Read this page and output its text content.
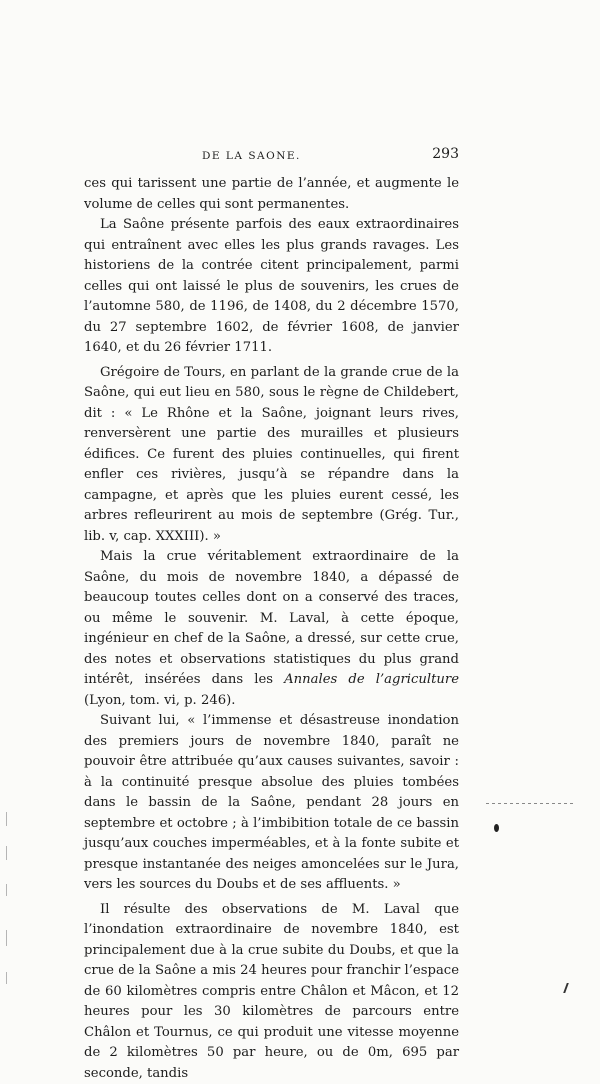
DE LA SAONE.	293

ces qui tarissent une partie de l’année, et augmente le volume de celles qui sont permanentes.

La Saône présente parfois des eaux extraordinaires qui entraînent avec elles les plus grands ravages. Les historiens de la contrée citent principalement, parmi celles qui ont laissé le plus de souvenirs, les crues de l’automne 580, de 1196, de 1408, du 2 décembre 1570, du 27 septembre 1602, de février 1608, de janvier 1640, et du 26 février 1711.

Grégoire de Tours, en parlant de la grande crue de la Saône, qui eut lieu en 580, sous le règne de Childebert, dit : « Le Rhône et la Saône, joignant leurs rives, renversèrent une partie des murailles et plusieurs édifices. Ce furent des pluies continuelles, qui firent enfler ces rivières, jusqu’à se répandre dans la campagne, et après que les pluies eurent cessé, les arbres refleurirent au mois de septembre (Grég. Tur., lib. v, cap. XXXIII). »

Mais la crue véritablement extraordinaire de la Saône, du mois de novembre 1840, a dépassé de beaucoup toutes celles dont on a conservé des traces, ou même le souvenir. M. Laval, à cette époque, ingénieur en chef de la Saône, a dressé, sur cette crue, des notes et observations statistiques du plus grand intérêt, insérées dans les Annales de l’agriculture (Lyon, tom. vi, p. 246).

Suivant lui, « l’immense et désastreuse inondation des premiers jours de novembre 1840, paraît ne pouvoir être attribuée qu’aux causes suivantes, savoir : à la continuité presque absolue des pluies tombées dans le bassin de la Saône, pendant 28 jours en septembre et octobre ; à l’imbibition totale de ce bassin jusqu’aux couches imperméables, et à la fonte subite et presque instantanée des neiges amoncelées sur le Jura, vers les sources du Doubs et de ses affluents. »

Il résulte des observations de M. Laval que l’inondation extraordinaire de novembre 1840, est principalement due à la crue subite du Doubs, et que la crue de la Saône a mis 24 heures pour franchir l’espace de 60 kilomètres compris entre Châlon et Mâcon, et 12 heures pour les 30 kilomètres de parcours entre Châlon et Tournus, ce qui produit une vitesse moyenne de 2 kilomètres 50 par heure, ou de 0m, 695 par seconde, tandis
